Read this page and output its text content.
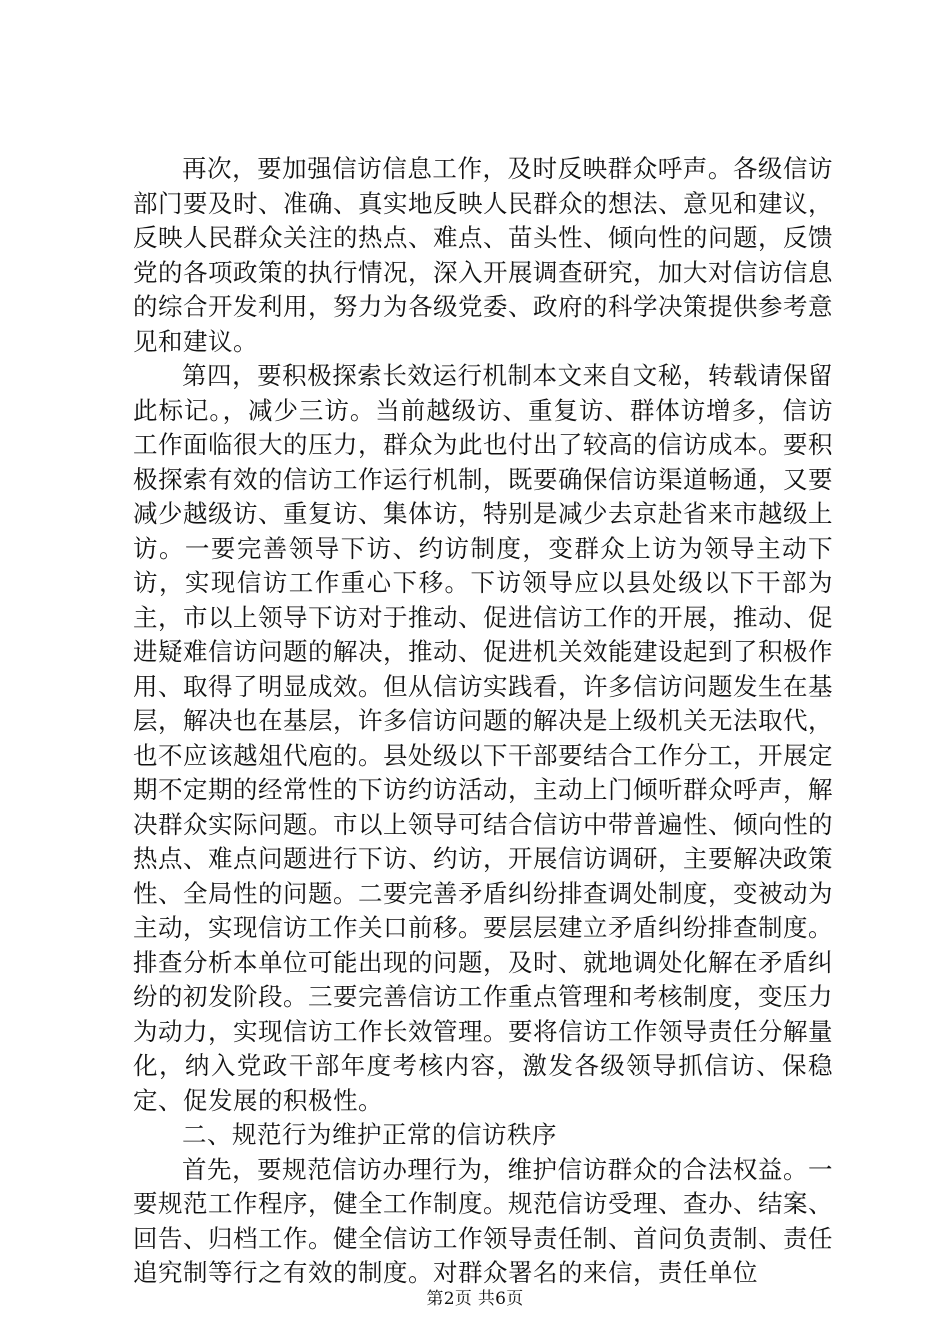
再次，要加强信访信息工作，及时反映群众呼声。各级信访部门要及时、准确、真实地反映人民群众的想法、意见和建议，反映人民群众关注的热点、难点、苗头性、倾向性的问题，反馈党的各项政策的执行情况，深入开展调查研究，加大对信访信息的综合开发利用，努力为各级党委、政府的科学决策提供参考意见和建议。

第四，要积极探索长效运行机制本文来自文秘，转载请保留此标记。，减少三访。当前越级访、重复访、群体访增多，信访工作面临很大的压力，群众为此也付出了较高的信访成本。要积极探索有效的信访工作运行机制，既要确保信访渠道畅通，又要减少越级访、重复访、集体访，特别是减少去京赴省来市越级上访。一要完善领导下访、约访制度，变群众上访为领导主动下访，实现信访工作重心下移。下访领导应以县处级以下干部为主，市以上领导下访对于推动、促进信访工作的开展，推动、促进疑难信访问题的解决，推动、促进机关效能建设起到了积极作用、取得了明显成效。但从信访实践看，许多信访问题发生在基层，解决也在基层，许多信访问题的解决是上级机关无法取代，也不应该越俎代庖的。县处级以下干部要结合工作分工，开展定期不定期的经常性的下访约访活动，主动上门倾听群众呼声，解决群众实际问题。市以上领导可结合信访中带普遍性、倾向性的热点、难点问题进行下访、约访，开展信访调研，主要解决政策性、全局性的问题。二要完善矛盾纠纷排查调处制度，变被动为主动，实现信访工作关口前移。要层层建立矛盾纠纷排查制度。排查分析本单位可能出现的问题，及时、就地调处化解在矛盾纠纷的初发阶段。三要完善信访工作重点管理和考核制度，变压力为动力，实现信访工作长效管理。要将信访工作领导责任分解量化，纳入党政干部年度考核内容，激发各级领导抓信访、保稳定、促发展的积极性。

二、规范行为维护正常的信访秩序

首先，要规范信访办理行为，维护信访群众的合法权益。一要规范工作程序，健全工作制度。规范信访受理、查办、结案、回告、归档工作。健全信访工作领导责任制、首问负责制、责任追究制等行之有效的制度。对群众署名的来信，责任单位

第2页 共6页
